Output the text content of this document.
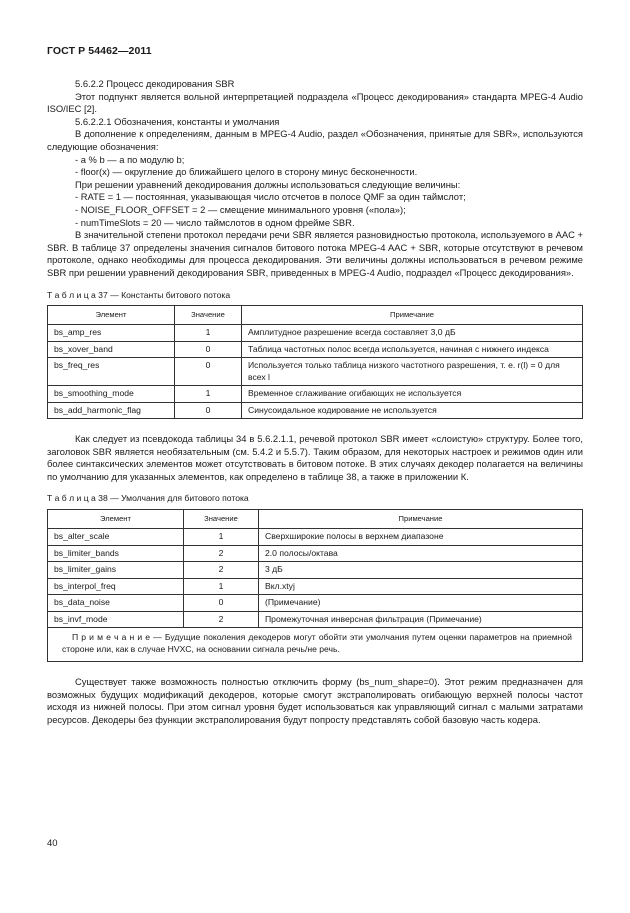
ГОСТ Р 54462—2011

5.6.2.2 Процесс декодирования SBR

Этот подпункт является вольной интерпретацией подраздела «Процесс декодирования» стандарта MPEG-4 Audio ISO/IEC [2].

5.6.2.2.1 Обозначения, константы и умолчания

В дополнение к определениям, данным в MPEG-4 Audio, раздел «Обозначения, принятые для SBR», используются следующие обозначения:

- a % b — a по модулю b;

- floor(x) — округление до ближайшего целого в сторону минус бесконечности.

При решении уравнений декодирования должны использоваться следующие величины:

- RATE = 1 — постоянная, указывающая число отсчетов в полосе QMF за один таймслот;

- NOISE_FLOOR_OFFSET = 2 — смещение минимального уровня («пола»);

- numTimeSlots = 20 — число таймслотов в одном фрейме SBR.

В значительной степени протокол передачи речи SBR является разновидностью протокола, используемого в AAC + SBR. В таблице 37 определены значения сигналов битового потока MPEG-4 AAC + SBR, которые отсутствуют в речевом протоколе, однако необходимы для процесса декодирования. Эти величины должны использоваться в речевом режиме SBR при решении уравнений декодирования SBR, приведенных в MPEG-4 Audio, подраздел «Процесс декодирования».

Т а б л и ц а 37 — Константы битового потока

Элемент	Значение	Примечание
bs_amp_res	1	Амплитудное разрешение всегда составляет 3,0 дБ
bs_xover_band	0	Таблица частотных полос всегда используется, начиная с нижнего индекса
bs_freq_res	0	Используется только таблица низкого частотного разрешения, т. е. r(l) = 0 для всех l
bs_smoothing_mode	1	Временное сглаживание огибающих не используется
bs_add_harmonic_flag	0	Синусоидальное кодирование не используется

Как следует из псевдокода таблицы 34 в 5.6.2.1.1, речевой протокол SBR имеет «слоистую» структуру. Более того, заголовок SBR является необязательным (см. 5.4.2 и 5.5.7). Таким образом, для некоторых настроек и режимов один или более синтаксических элементов может отсутствовать в битовом потоке. В этих случаях декодер полагается на величины по умолчанию для указанных элементов, как определено в таблице 38, а также в приложении К.

Т а б л и ц а 38 — Умолчания для битового потока

Элемент	Значение	Примечание
bs_alter_scale	1	Сверхширокие полосы в верхнем диапазоне
bs_limiter_bands	2	2.0 полосы/октава
bs_limiter_gains	2	3 дБ
bs_interpol_freq	1	Вкл.xtyj
bs_data_noise	0	(Примечание)
bs_invf_mode	2	Промежуточная инверсная фильтрация (Примечание)
П р и м е ч а н и е — Будущие поколения декодеров могут обойти эти умолчания путем оценки параметров на приемной стороне или, как в случае HVXC, на основании сигнала речь/не речь.		

Существует также возможность полностью отключить форму (bs_num_shape=0). Этот режим предназначен для возможных будущих модификаций декодеров, которые смогут экстраполировать огибающую верхней полосы частот исходя из нижней полосы. При этом сигнал уровня будет использоваться как управляющий сигнал с малыми затратами ресурсов. Декодеры без функции экстраполирования будут попросту представлять собой базовую часть кодера.

40
